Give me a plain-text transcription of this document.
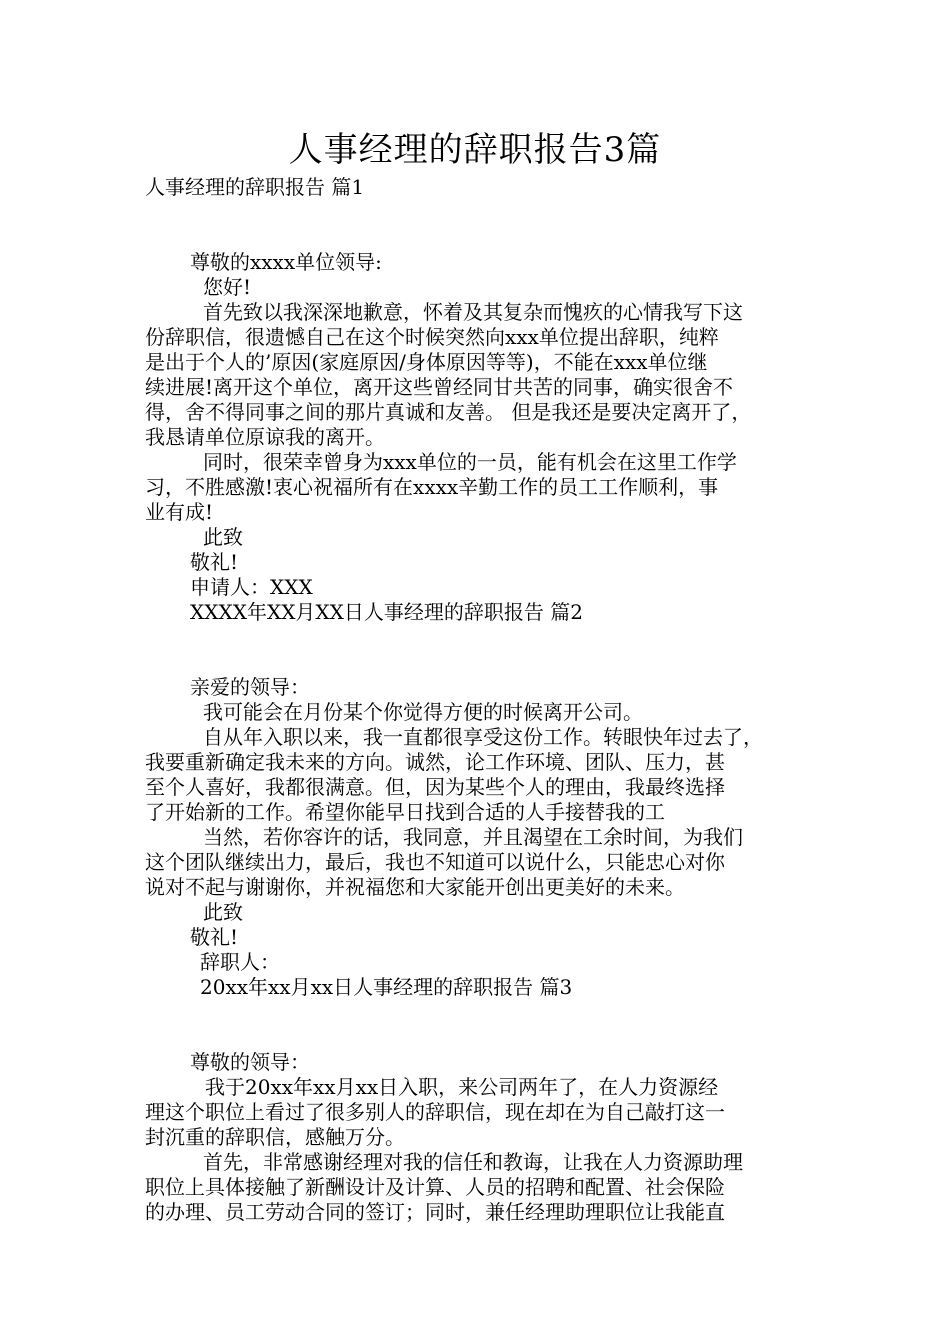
人事经理的辞职报告3篇
人事经理的辞职报告 篇1
尊敬的xxxx单位领导:
您好!
首先致以我深深地歉意，怀着及其复杂而愧疚的心情我写下这
份辞职信，很遗憾自己在这个时候突然向xxx单位提出辞职，纯粹
是出于个人的’原因(家庭原因/身体原因等等)，不能在xxx单位继
续进展!离开这个单位，离开这些曾经同甘共苦的同事，确实很舍不
得，舍不得同事之间的那片真诚和友善。 但是我还是要决定离开了，
我恳请单位原谅我的离开。
同时，很荣幸曾身为xxx单位的一员，能有机会在这里工作学
习，不胜感激!衷心祝福所有在xxxx辛勤工作的员工工作顺利，事
业有成!
此致
敬礼!
申请人：XXX
XXXX年XX月XX日人事经理的辞职报告 篇2
亲爱的领导：
我可能会在月份某个你觉得方便的时候离开公司。
自从年入职以来，我一直都很享受这份工作。转眼快年过去了，
我要重新确定我未来的方向。诚然，论工作环境、团队、压力，甚
至个人喜好，我都很满意。但，因为某些个人的理由，我最终选择
了开始新的工作。希望你能早日找到合适的人手接替我的工
当然，若你容许的话，我同意，并且渴望在工余时间，为我们
这个团队继续出力，最后，我也不知道可以说什么，只能忠心对你
说对不起与谢谢你，并祝福您和大家能开创出更美好的未来。
此致
敬礼!
辞职人：
20xx年xx月xx日人事经理的辞职报告 篇3
尊敬的领导：
我于20xx年xx月xx日入职，来公司两年了，在人力资源经
理这个职位上看过了很多别人的辞职信，现在却在为自己敲打这一
封沉重的辞职信，感触万分。
首先，非常感谢经理对我的信任和教诲，让我在人力资源助理
职位上具体接触了新酬设计及计算、人员的招聘和配置、社会保险
的办理、员工劳动合同的签订；同时，兼任经理助理职位让我能直
